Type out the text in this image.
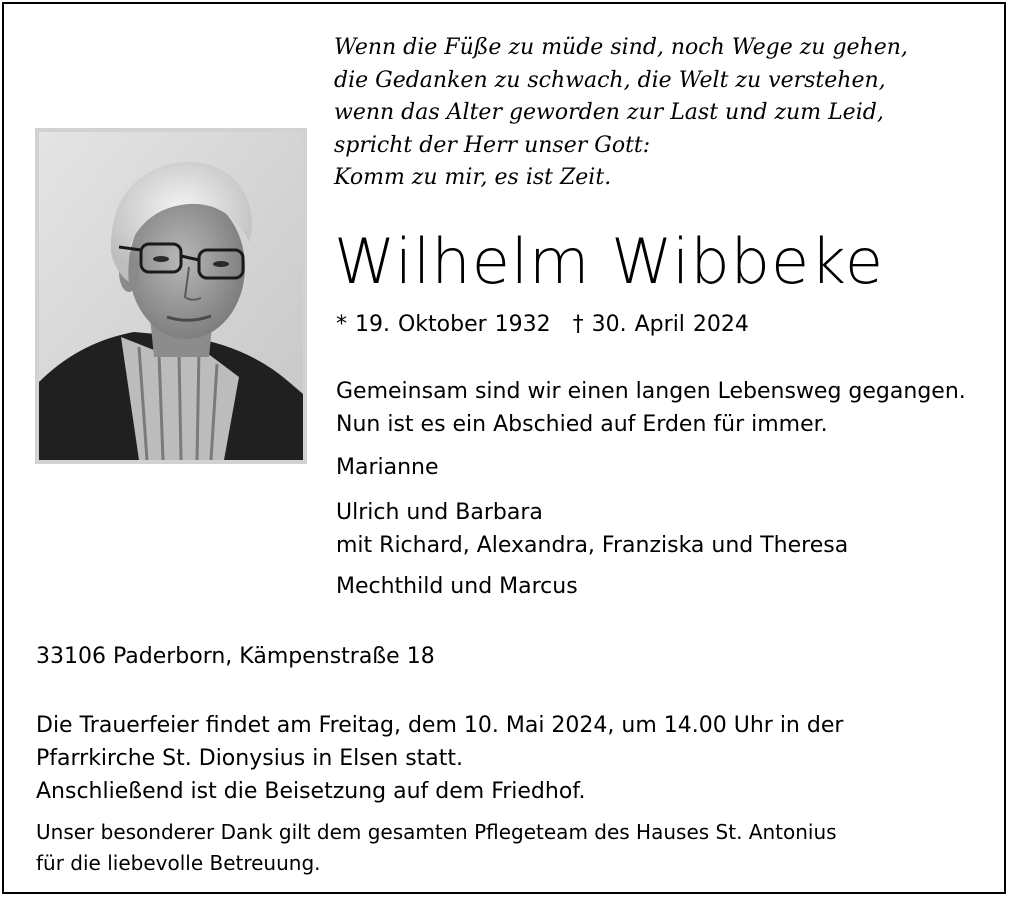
Wenn die Füße zu müde sind, noch Wege zu gehen,
die Gedanken zu schwach, die Welt zu verstehen,
wenn das Alter geworden zur Last und zum Leid,
spricht der Herr unser Gott:
Komm zu mir, es ist Zeit.
Wilhelm Wibbeke
* 19. Oktober 1932 † 30. April 2024
Gemeinsam sind wir einen langen Lebensweg gegangen.
Nun ist es ein Abschied auf Erden für immer.
Marianne
Ulrich und Barbara
mit Richard, Alexandra, Franziska und Theresa
Mechthild und Marcus
33106 Paderborn, Kämpenstraße 18
Die Trauerfeier findet am Freitag, dem 10. Mai 2024, um 14.00 Uhr in der
Pfarrkirche St. Dionysius in Elsen statt.
Anschließend ist die Beisetzung auf dem Friedhof.
Unser besonderer Dank gilt dem gesamten Pflegeteam des Hauses St. Antonius
für die liebevolle Betreuung.
